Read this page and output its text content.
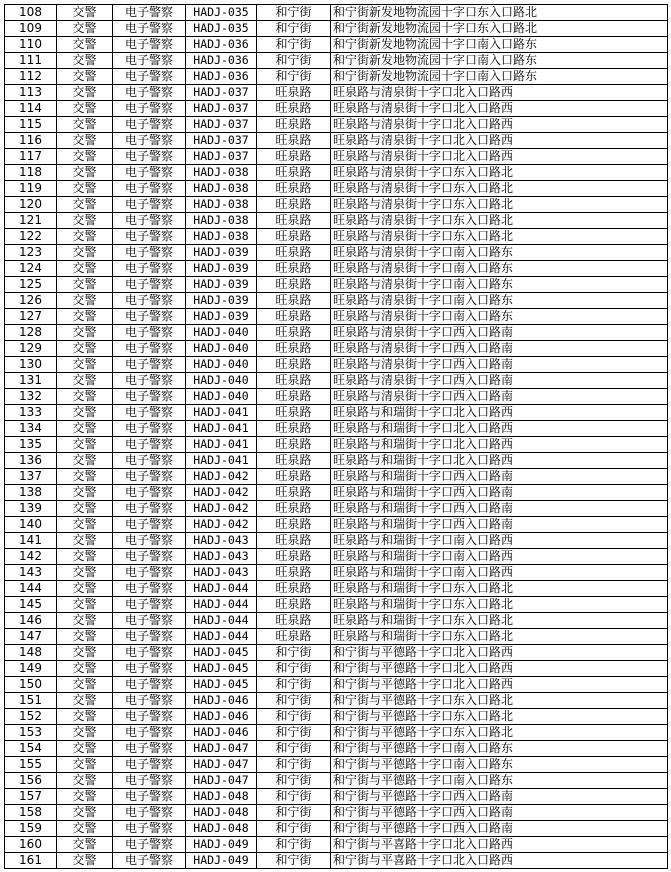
108	交警	电子警察	HADJ-035	和宁街	和宁街新发地物流园十字口东入口路北
109	交警	电子警察	HADJ-035	和宁街	和宁街新发地物流园十字口东入口路北
110	交警	电子警察	HADJ-036	和宁街	和宁街新发地物流园十字口南入口路东
111	交警	电子警察	HADJ-036	和宁街	和宁街新发地物流园十字口南入口路东
112	交警	电子警察	HADJ-036	和宁街	和宁街新发地物流园十字口南入口路东
113	交警	电子警察	HADJ-037	旺泉路	旺泉路与清泉街十字口北入口路西
114	交警	电子警察	HADJ-037	旺泉路	旺泉路与清泉街十字口北入口路西
115	交警	电子警察	HADJ-037	旺泉路	旺泉路与清泉街十字口北入口路西
116	交警	电子警察	HADJ-037	旺泉路	旺泉路与清泉街十字口北入口路西
117	交警	电子警察	HADJ-037	旺泉路	旺泉路与清泉街十字口北入口路西
118	交警	电子警察	HADJ-038	旺泉路	旺泉路与清泉街十字口东入口路北
119	交警	电子警察	HADJ-038	旺泉路	旺泉路与清泉街十字口东入口路北
120	交警	电子警察	HADJ-038	旺泉路	旺泉路与清泉街十字口东入口路北
121	交警	电子警察	HADJ-038	旺泉路	旺泉路与清泉街十字口东入口路北
122	交警	电子警察	HADJ-038	旺泉路	旺泉路与清泉街十字口东入口路北
123	交警	电子警察	HADJ-039	旺泉路	旺泉路与清泉街十字口南入口路东
124	交警	电子警察	HADJ-039	旺泉路	旺泉路与清泉街十字口南入口路东
125	交警	电子警察	HADJ-039	旺泉路	旺泉路与清泉街十字口南入口路东
126	交警	电子警察	HADJ-039	旺泉路	旺泉路与清泉街十字口南入口路东
127	交警	电子警察	HADJ-039	旺泉路	旺泉路与清泉街十字口南入口路东
128	交警	电子警察	HADJ-040	旺泉路	旺泉路与清泉街十字口西入口路南
129	交警	电子警察	HADJ-040	旺泉路	旺泉路与清泉街十字口西入口路南
130	交警	电子警察	HADJ-040	旺泉路	旺泉路与清泉街十字口西入口路南
131	交警	电子警察	HADJ-040	旺泉路	旺泉路与清泉街十字口西入口路南
132	交警	电子警察	HADJ-040	旺泉路	旺泉路与清泉街十字口西入口路南
133	交警	电子警察	HADJ-041	旺泉路	旺泉路与和瑞街十字口北入口路西
134	交警	电子警察	HADJ-041	旺泉路	旺泉路与和瑞街十字口北入口路西
135	交警	电子警察	HADJ-041	旺泉路	旺泉路与和瑞街十字口北入口路西
136	交警	电子警察	HADJ-041	旺泉路	旺泉路与和瑞街十字口北入口路西
137	交警	电子警察	HADJ-042	旺泉路	旺泉路与和瑞街十字口西入口路南
138	交警	电子警察	HADJ-042	旺泉路	旺泉路与和瑞街十字口西入口路南
139	交警	电子警察	HADJ-042	旺泉路	旺泉路与和瑞街十字口西入口路南
140	交警	电子警察	HADJ-042	旺泉路	旺泉路与和瑞街十字口西入口路南
141	交警	电子警察	HADJ-043	旺泉路	旺泉路与和瑞街十字口南入口路西
142	交警	电子警察	HADJ-043	旺泉路	旺泉路与和瑞街十字口南入口路西
143	交警	电子警察	HADJ-043	旺泉路	旺泉路与和瑞街十字口南入口路西
144	交警	电子警察	HADJ-044	旺泉路	旺泉路与和瑞街十字口东入口路北
145	交警	电子警察	HADJ-044	旺泉路	旺泉路与和瑞街十字口东入口路北
146	交警	电子警察	HADJ-044	旺泉路	旺泉路与和瑞街十字口东入口路北
147	交警	电子警察	HADJ-044	旺泉路	旺泉路与和瑞街十字口东入口路北
148	交警	电子警察	HADJ-045	和宁街	和宁街与平德路十字口北入口路西
149	交警	电子警察	HADJ-045	和宁街	和宁街与平德路十字口北入口路西
150	交警	电子警察	HADJ-045	和宁街	和宁街与平德路十字口北入口路西
151	交警	电子警察	HADJ-046	和宁街	和宁街与平德路十字口东入口路北
152	交警	电子警察	HADJ-046	和宁街	和宁街与平德路十字口东入口路北
153	交警	电子警察	HADJ-046	和宁街	和宁街与平德路十字口东入口路北
154	交警	电子警察	HADJ-047	和宁街	和宁街与平德路十字口南入口路东
155	交警	电子警察	HADJ-047	和宁街	和宁街与平德路十字口南入口路东
156	交警	电子警察	HADJ-047	和宁街	和宁街与平德路十字口南入口路东
157	交警	电子警察	HADJ-048	和宁街	和宁街与平德路十字口西入口路南
158	交警	电子警察	HADJ-048	和宁街	和宁街与平德路十字口西入口路南
159	交警	电子警察	HADJ-048	和宁街	和宁街与平德路十字口西入口路南
160	交警	电子警察	HADJ-049	和宁街	和宁街与平喜路十字口北入口路西
161	交警	电子警察	HADJ-049	和宁街	和宁街与平喜路十字口北入口路西
